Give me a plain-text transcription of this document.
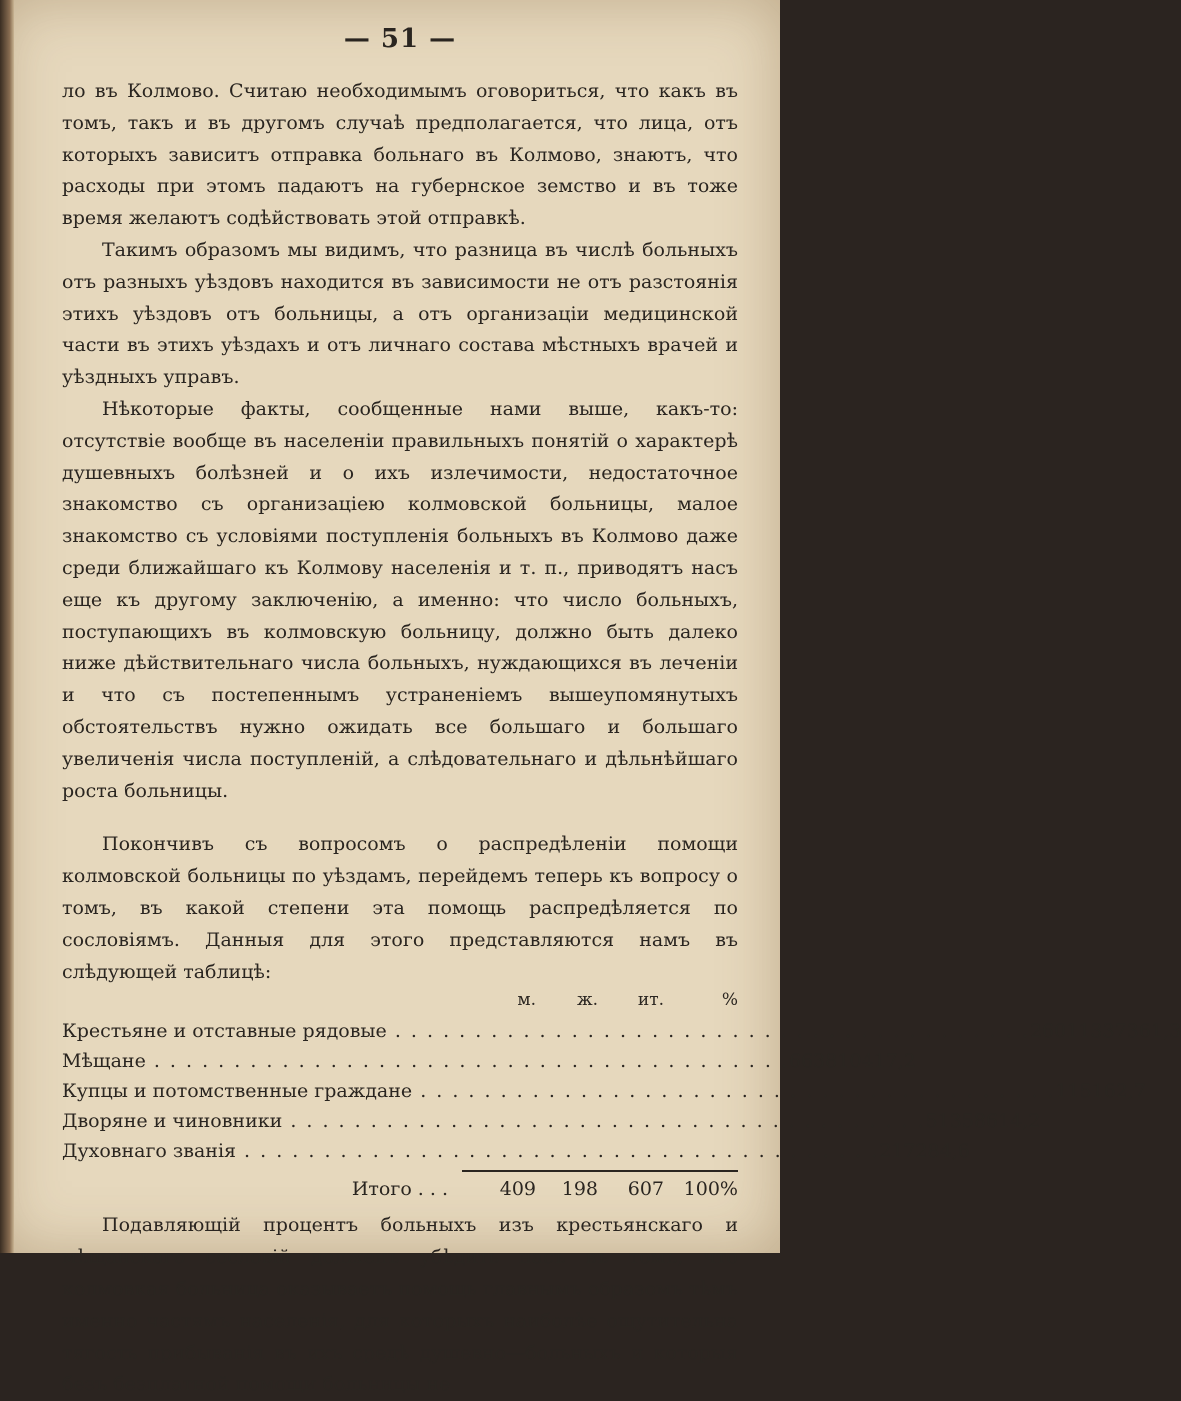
— 51 —

ло въ Колмово. Считаю необходимымъ оговориться, что какъ въ томъ, такъ и въ другомъ случаѣ предполагается, что лица, отъ которыхъ зависитъ отправка больнаго въ Колмово, знаютъ, что расходы при этомъ падаютъ на губернское земство и въ тоже время желаютъ содѣйствовать этой отправкѣ.

Такимъ образомъ мы видимъ, что разница въ числѣ больныхъ отъ разныхъ уѣздовъ находится въ зависимости не отъ разстоянія этихъ уѣздовъ отъ больницы, а отъ организаціи медицинской части въ этихъ уѣздахъ и отъ личнаго состава мѣстныхъ врачей и уѣздныхъ управъ.

Нѣкоторые факты, сообщенные нами выше, какъ-то: отсутствіе вообще въ населеніи правильныхъ понятій о характерѣ душевныхъ болѣзней и о ихъ излечимости, недостаточное знакомство съ организаціею колмовской больницы, малое знакомство съ условіями поступленія больныхъ въ Колмово даже среди ближайшаго къ Колмову населенія и т. п., приводятъ насъ еще къ другому заключенію, а именно: что число больныхъ, поступающихъ въ колмовскую больницу, должно быть далеко ниже дѣйствительнаго числа больныхъ, нуждающихся въ леченіи и что съ постепеннымъ устраненіемъ вышеупомянутыхъ обстоятельствъ нужно ожидать все большаго и большаго увеличенія числа поступленій, а слѣдовательнаго и дѣльнѣйшаго роста больницы.

Покончивъ съ вопросомъ о распредѣленіи помощи колмовской больницы по уѣздамъ, перейдемъ теперь къ вопросу о томъ, въ какой степени эта помощь распредѣляется по сословіямъ. Данныя для этого представляются намъ въ слѣдующей таблицѣ:

м.	ж.	ит.	%
Крестьяне и отставные рядовые . . .	260 113 373 61,3
Мѣщане . . .	66 38 104 17,2
Купцы и потомственные граждане . . .	11 5 16 2,7
Дворяне и чиновники . . .	51 35 86 14,2
Духовнаго званія . . .	21 7 28 4,6
Итого . . .	409	198	607	100%

Подавляющій процентъ больныхъ изъ крестьянскаго и мѣщанскаго сословій долженъ убѣдить насъ въ томъ, что колмовкая больница оказываетъ помощь главнымъ образомъ тѣмъ именно частямъ населенія, для которыхъ наиболѣе ощутительна тягость прибыванія въ ихъ средѣ душевно—больныхъ и которыя безъ безплатной помощи больницы не
